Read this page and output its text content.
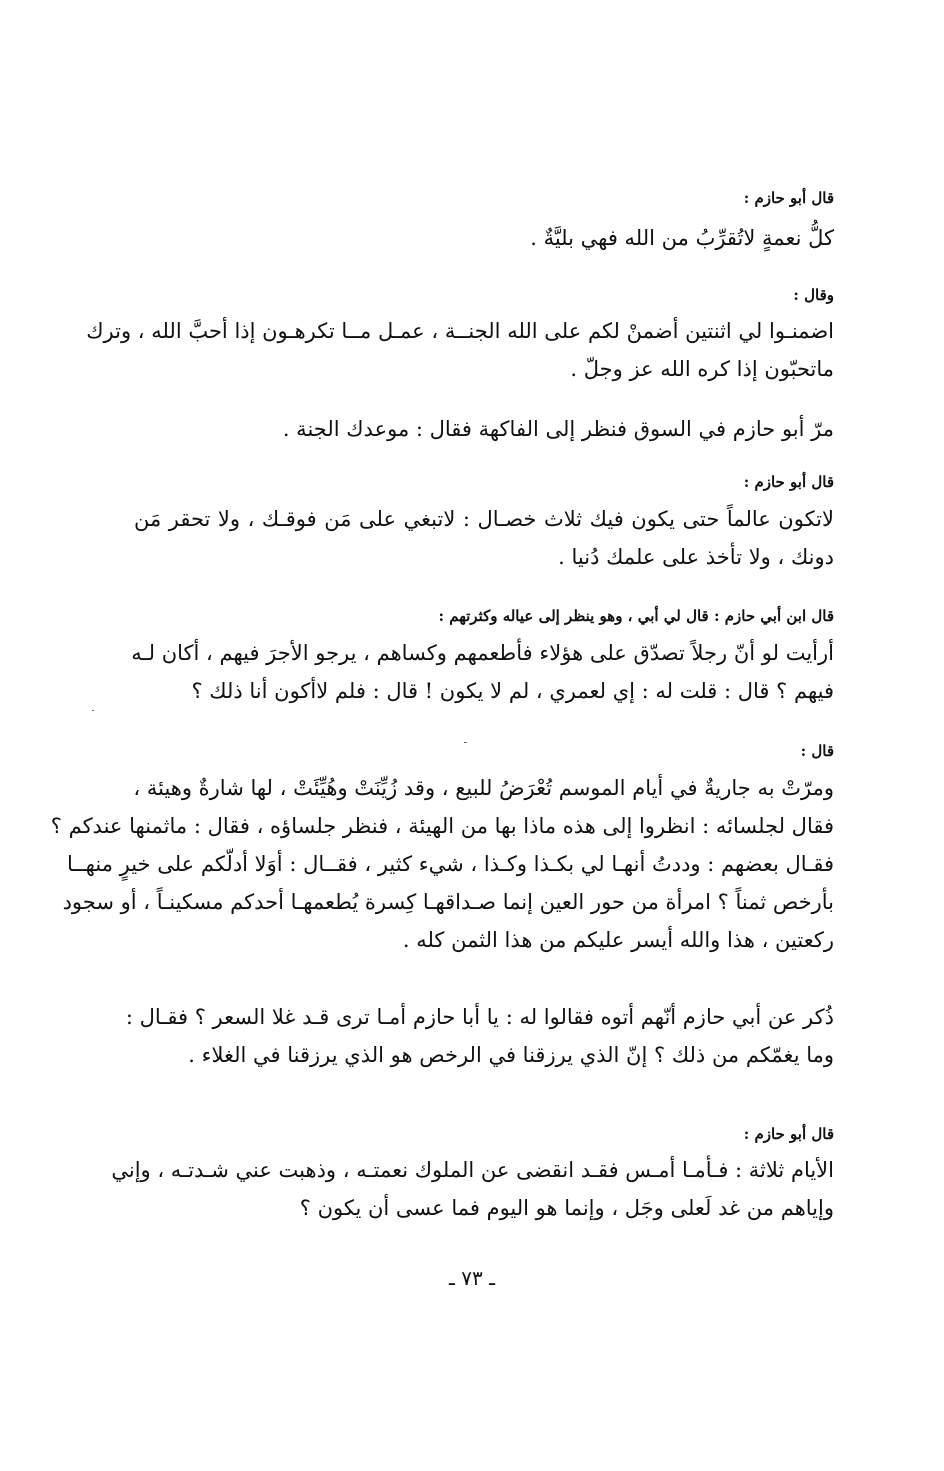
قال أبو حازم :
كلُّ نعمةٍ لاتُقرِّبُ من الله فهي بليَّةٌ .
وقال :
اضمنـوا لي اثنتين أضمنْ لكم على الله الجنــة ، عمـل مــا تكرهـون إذا أحبَّ الله ، وترك
ماتحبّون إذا كره الله عز وجلّ .
مرّ أبو حازم في السوق فنظر إلى الفاكهة فقال : موعدك الجنة .
قال أبو حازم :
لاتكون عالماً حتى يكون فيك ثلاث خصـال : لاتبغي على مَن فوقـك ، ولا تحقر مَن
دونك ، ولا تأخذ على علمك دُنيا .
قال ابن أبي حازم : قال لي أبي ، وهو ينظر إلى عياله وكثرتهم :
أرأيت لو أنّ رجلاً تصدّق على هؤلاء فأطعمهم وكساهم ، يرجو الأجرَ فيهم ، أكان لـه
فيهم ؟ قال : قلت له : إي لعمري ، لم لا يكون ! قال : فلم لاأكون أنا ذلك ؟
قال :
ومرّتْ به جاريةٌ في أيام الموسم تُعْرَضُ للبيع ، وقد زُيِّنَتْ وهُيِّئَتْ ، لها شارةٌ وهيئة ،
فقال لجلسائه : انظروا إلى هذه ماذا بها من الهيئة ، فنظر جلساؤه ، فقال : ماثمنها عندكم ؟
فقـال بعضهم : وددتُ أنهـا لي بكـذا وكـذا ، شيء كثير ، فقــال : أوَلا أدلّكم على خيرٍ منهــا
بأرخص ثمناً ؟ امرأة من حور العين إنما صـداقهـا كِسرة يُطعمهـا أحدكم مسكينـاً ، أو سجود
ركعتين ، هذا والله أيسر عليكم من هذا الثمن كله .
ذُكر عن أبي حازم أنّهم أتوه فقالوا له : يا أبا حازم أمـا ترى قـد غلا السعر ؟ فقـال :
وما يغمّكم من ذلك ؟ إنّ الذي يرزقنا في الرخص هو الذي يرزقنا في الغلاء .
قال أبو حازم :
الأيام ثلاثة : فـأمـا أمـس فقـد انقضى عن الملوك نعمتـه ، وذهبت عني شـدتـه ، وإني
وإياهم من غد لَعلى وجَل ، وإنما هو اليوم فما عسى أن يكون ؟
ـ ٧٣ ـ
